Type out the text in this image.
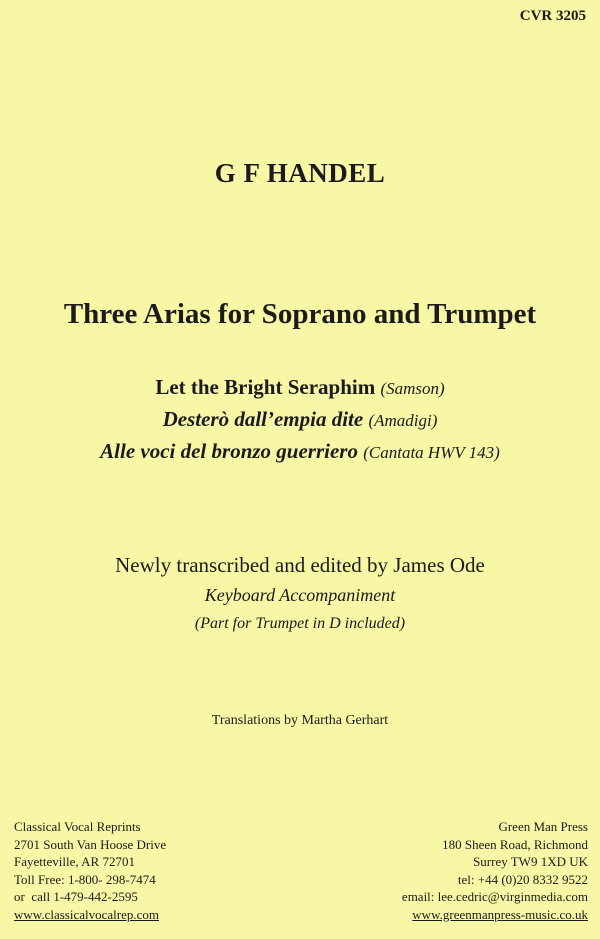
CVR 3205
G F HANDEL
Three Arias for Soprano and Trumpet
Let the Bright Seraphim (Samson)
Desterò dall’empia dite (Amadigi)
Alle voci del bronzo guerriero (Cantata HWV 143)
Newly transcribed and edited by James Ode
Keyboard Accompaniment
(Part for Trumpet in D included)
Translations by Martha Gerhart
Classical Vocal Reprints
2701 South Van Hoose Drive
Fayetteville, AR 72701
Toll Free: 1-800- 298-7474
or  call 1-479-442-2595
www.classicalvocalrep.com
Green Man Press
180 Sheen Road, Richmond
Surrey TW9 1XD UK
tel: +44 (0)20 8332 9522
email: lee.cedric@virginmedia.com
www.greenmanpress-music.co.uk
